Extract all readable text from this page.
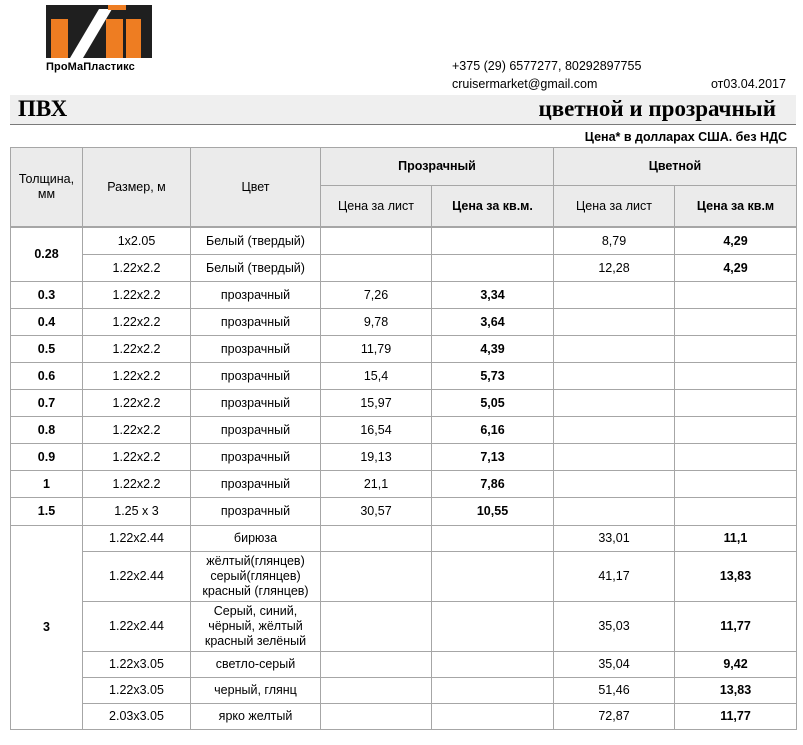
ПроМаПластикс	+375 (29) 6577277, 80292897755
cruisermarket@gmail.com	от03.04.2017
ПВХ	цветной и прозрачный
Цена* в долларах США. без НДС
Толщина, мм	Размер, м	Цвет	Прозрачный		Цветной	
			Цена за лист	Цена за кв.м.	Цена за лист	Цена за кв.м

0.28	1x2.05	Белый (твердый)			8,79	4,29
	1.22x2.2	Белый (твердый)			12,28	4,29
0.3	1.22x2.2	прозрачный	7,26	3,34		
0.4	1.22x2.2	прозрачный	9,78	3,64		
0.5	1.22x2.2	прозрачный	11,79	4,39		
0.6	1.22x2.2	прозрачный	15,4	5,73		
0.7	1.22x2.2	прозрачный	15,97	5,05		
0.8	1.22x2.2	прозрачный	16,54	6,16		
0.9	1.22x2.2	прозрачный	19,13	7,13		
1	1.22x2.2	прозрачный	21,1	7,86		
1.5	1.25 x 3	прозрачный	30,57	10,55		
3	1.22x2.44	бирюза			33,01	11,1
	1.22x2.44	жёлтый(глянцев) серый(глянцев) красный (глянцев)			41,17	13,83
	1.22x2.44	Серый, синий, чёрный, жёлтый красный зелёный			35,03	11,77
	1.22x3.05	светло-серый			35,04	9,42
	1.22x3.05	черный, глянц			51,46	13,83
	2.03x3.05	ярко желтый			72,87	11,77
